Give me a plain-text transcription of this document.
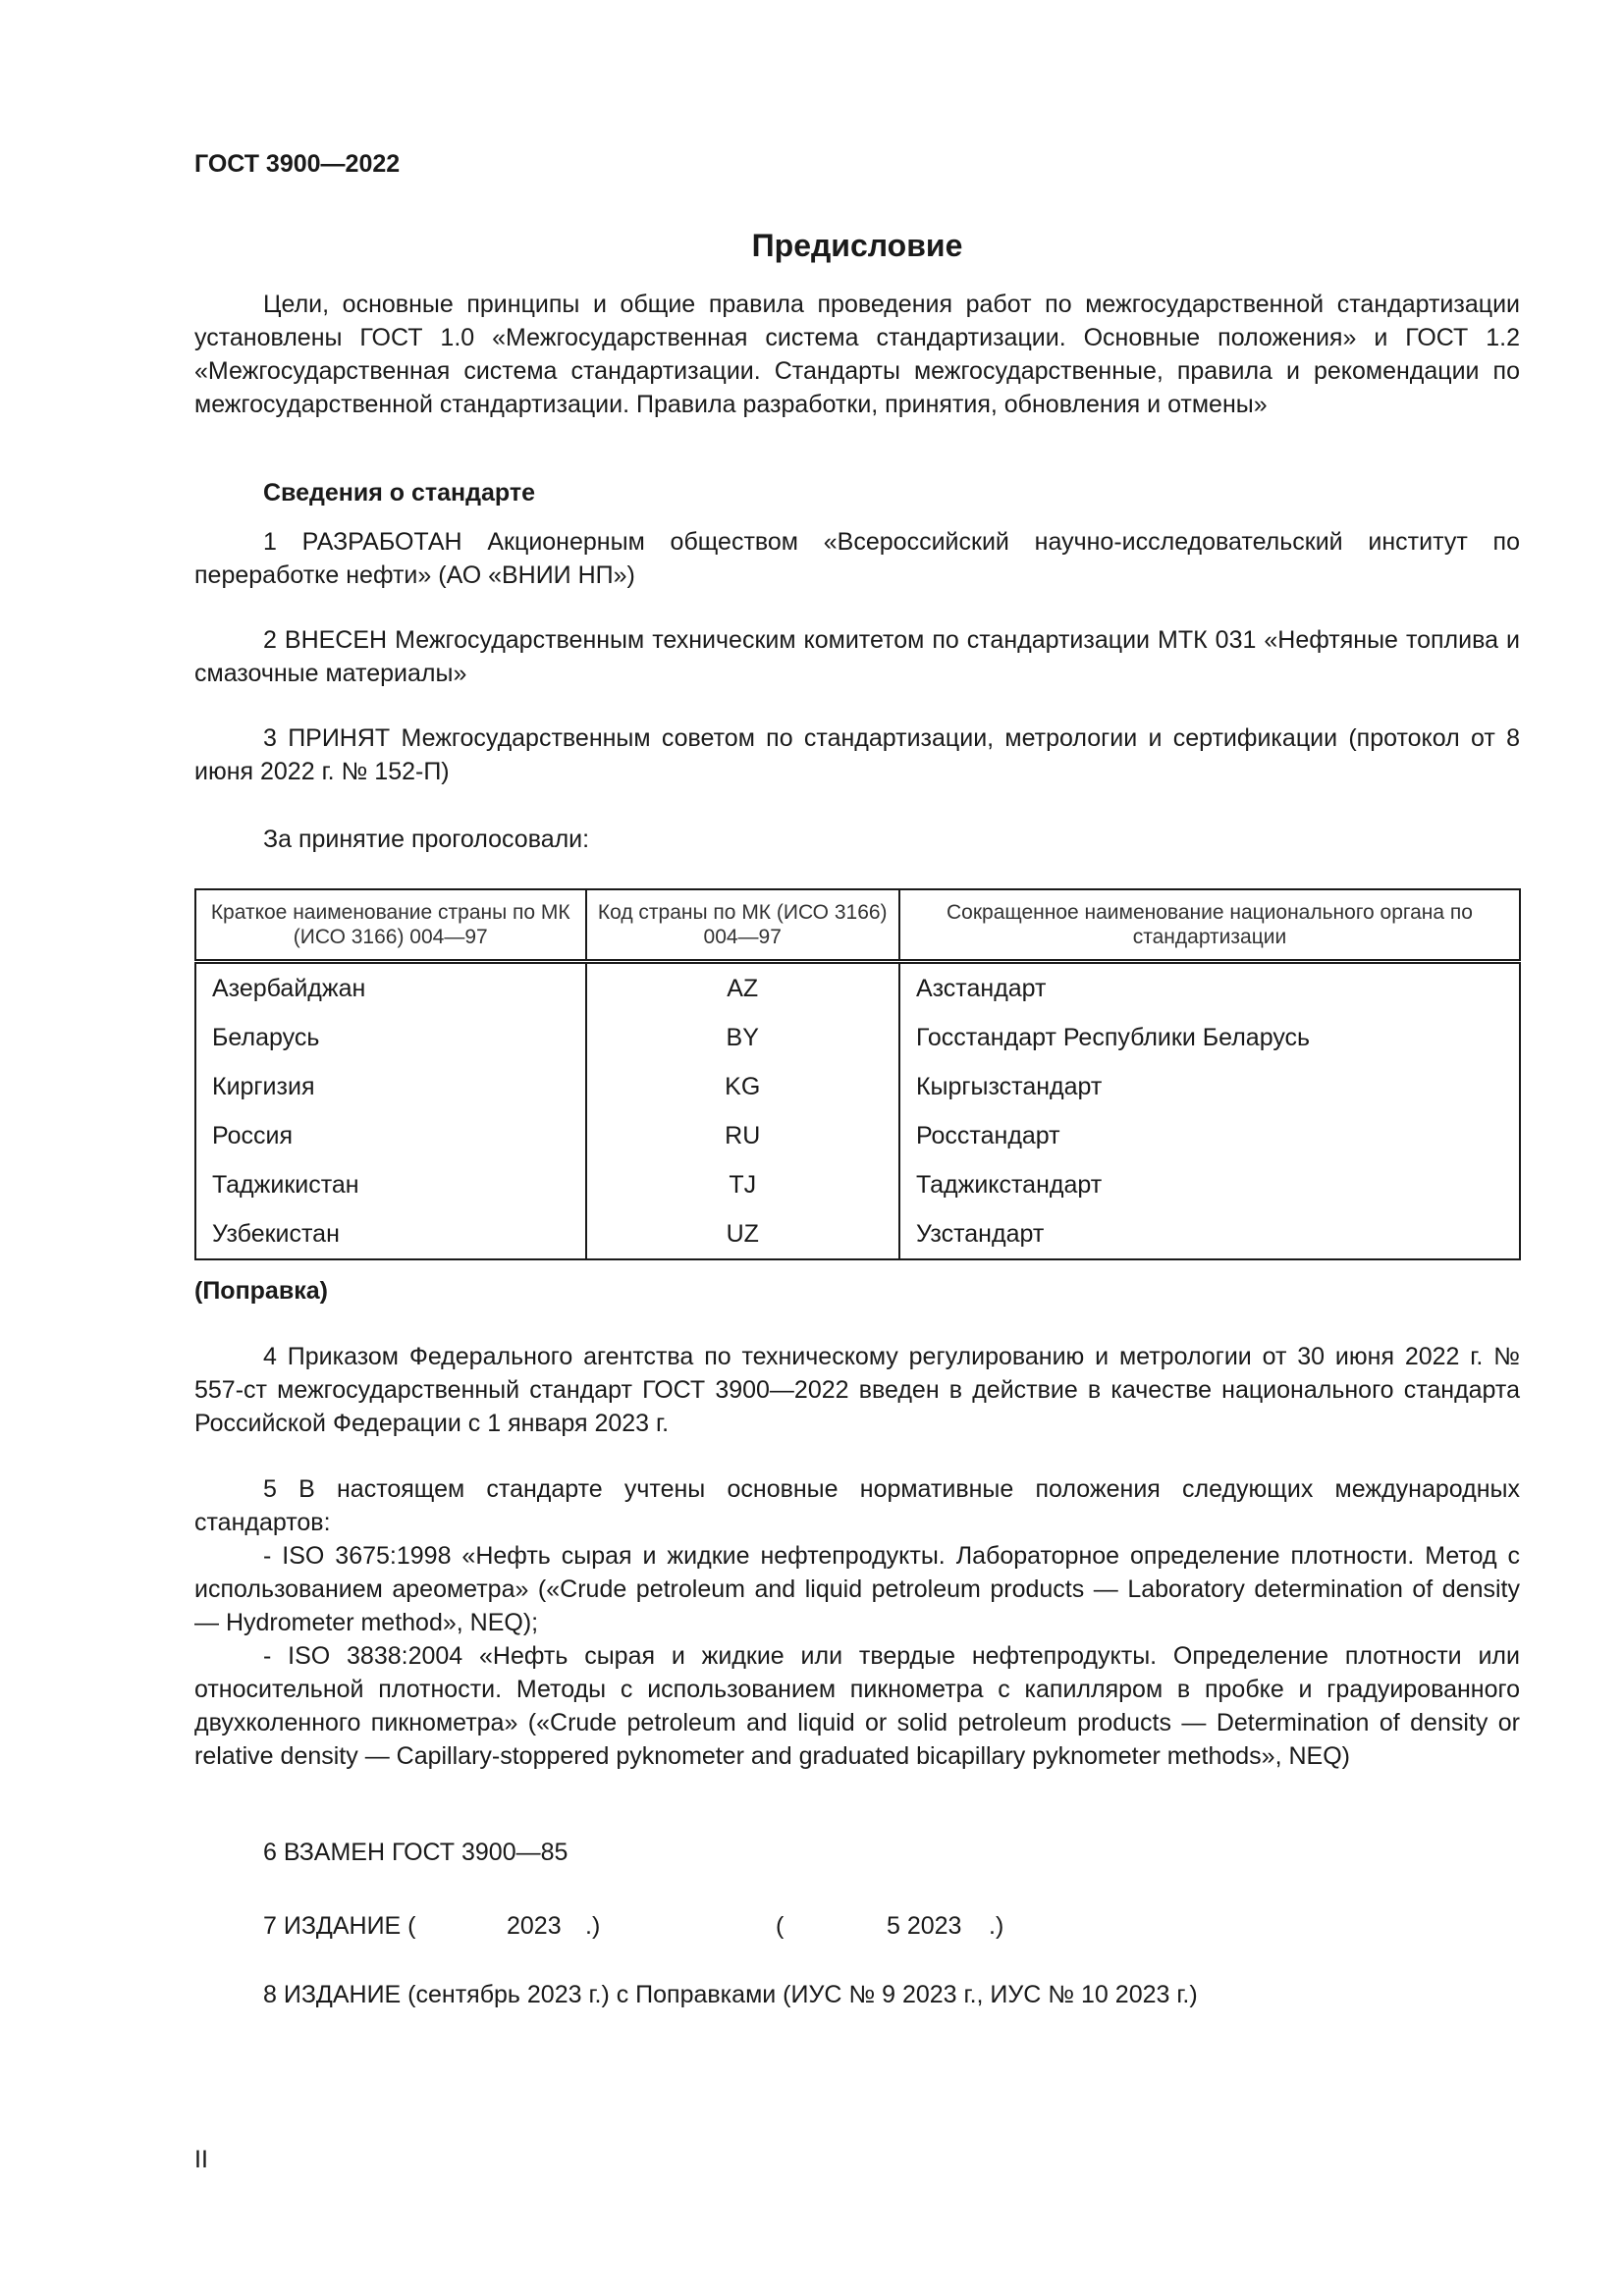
ГОСТ 3900—2022
Предисловие

Цели, основные принципы и общие правила проведения работ по межгосударственной стандартизации установлены ГОСТ 1.0 «Межгосударственная система стандартизации. Основные положения» и ГОСТ 1.2 «Межгосударственная система стандартизации. Стандарты межгосударственные, правила и рекомендации по межгосударственной стандартизации. Правила разработки, принятия, обновления и отмены»

Сведения о стандарте

1 РАЗРАБОТАН Акционерным обществом «Всероссийский научно-исследовательский институт по переработке нефти» (АО «ВНИИ НП»)

2 ВНЕСЕН Межгосударственным техническим комитетом по стандартизации МТК 031 «Нефтяные топлива и смазочные материалы»

3 ПРИНЯТ Межгосударственным советом по стандартизации, метрологии и сертификации (протокол от 8 июня 2022 г. № 152-П)

За принятие проголосовали:
Краткое наименование страны по МК (ИСО 3166) 004—97	Код страны по МК (ИСО 3166) 004—97	Сокращенное наименование национального органа по стандартизации
Азербайджан	AZ	Азстандарт
Беларусь	BY	Госстандарт Республики Беларусь
Киргизия	KG	Кыргызстандарт
Россия	RU	Росстандарт
Таджикистан	TJ	Таджикстандарт
Узбекистан	UZ	Узстандарт
(Поправка)

4 Приказом Федерального агентства по техническому регулированию и метрологии от 30 июня 2022 г. № 557-ст межгосударственный стандарт ГОСТ 3900—2022 введен в действие в качестве национального стандарта Российской Федерации с 1 января 2023 г.

5 В настоящем стандарте учтены основные нормативные положения следующих международных стандартов:

- ISO 3675:1998 «Нефть сырая и жидкие нефтепродукты. Лабораторное определение плотности. Метод с использованием ареометра» («Crude petroleum and liquid petroleum products — Laboratory determination of density — Hydrometer method», NEQ);

- ISO 3838:2004 «Нефть сырая и жидкие или твердые нефтепродукты. Определение плотности или относительной плотности. Методы с использованием пикнометра с капилляром в пробке и градуированного двухколенного пикнометра» («Crude petroleum and liquid or solid petroleum products — Determination of density or relative density — Capillary-stoppered pyknometer and graduated bicapillary pyknometer methods», NEQ)

6 ВЗАМЕН ГОСТ 3900—85
7 ИЗДАНИЕ (	2023 .)	(	5 2023 .)
8 ИЗДАНИЕ (сентябрь 2023 г.) с Поправками (ИУС № 9 2023 г., ИУС № 10 2023 г.)
II
